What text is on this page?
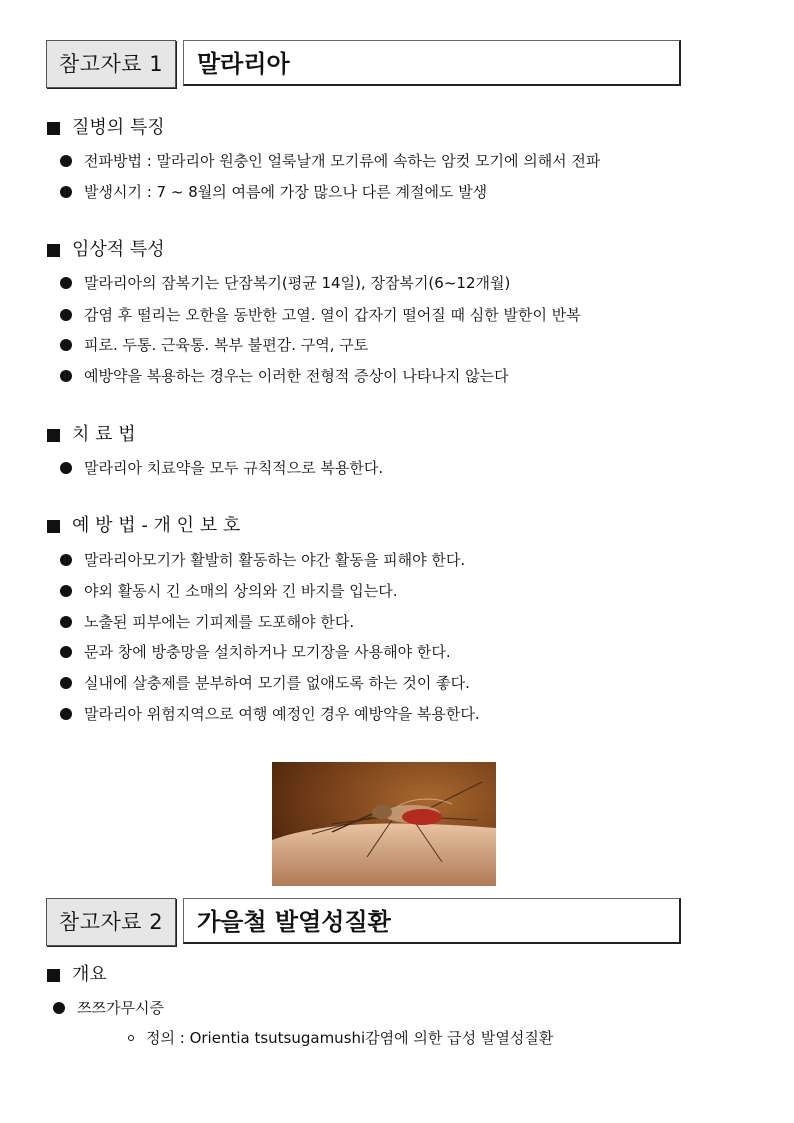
참고자료 1	말라리아
질병의 특징
전파방법 : 말라리아 원충인 얼룩날개 모기류에 속하는 암컷 모기에 의해서 전파
발생시기 : 7 ~ 8월의 여름에 가장 많으나 다른 계절에도 발생
임상적 특성
말라리아의 잠복기는 단잠복기(평균 14일), 장잠복기(6~12개월)
감염 후 떨리는 오한을 동반한 고열. 열이 갑자기 떨어질 때 심한 발한이 반복
피로. 두통. 근육통. 복부 불편감. 구역, 구토
예방약을 복용하는 경우는 이러한 전형적 증상이 나타나지 않는다
치 료 법
말라리아 치료약을 모두 규칙적으로 복용한다.
예 방 법 - 개 인 보 호
말라리아모기가 활발히 활동하는 야간 활동을 피해야 한다.
야외 활동시 긴 소매의 상의와 긴 바지를 입는다.
노출된 피부에는 기피제를 도포해야 한다.
문과 창에 방충망을 설치하거나 모기장을 사용해야 한다.
실내에 살충제를 분부하여 모기를 없애도록 하는 것이 좋다.
말라리아 위험지역으로 여행 예정인 경우 예방약을 복용한다.
참고자료 2	가을철 발열성질환
개요
쯔쯔가무시증
정의 : Orientia tsutsugamushi감염에 의한 급성 발열성질환
